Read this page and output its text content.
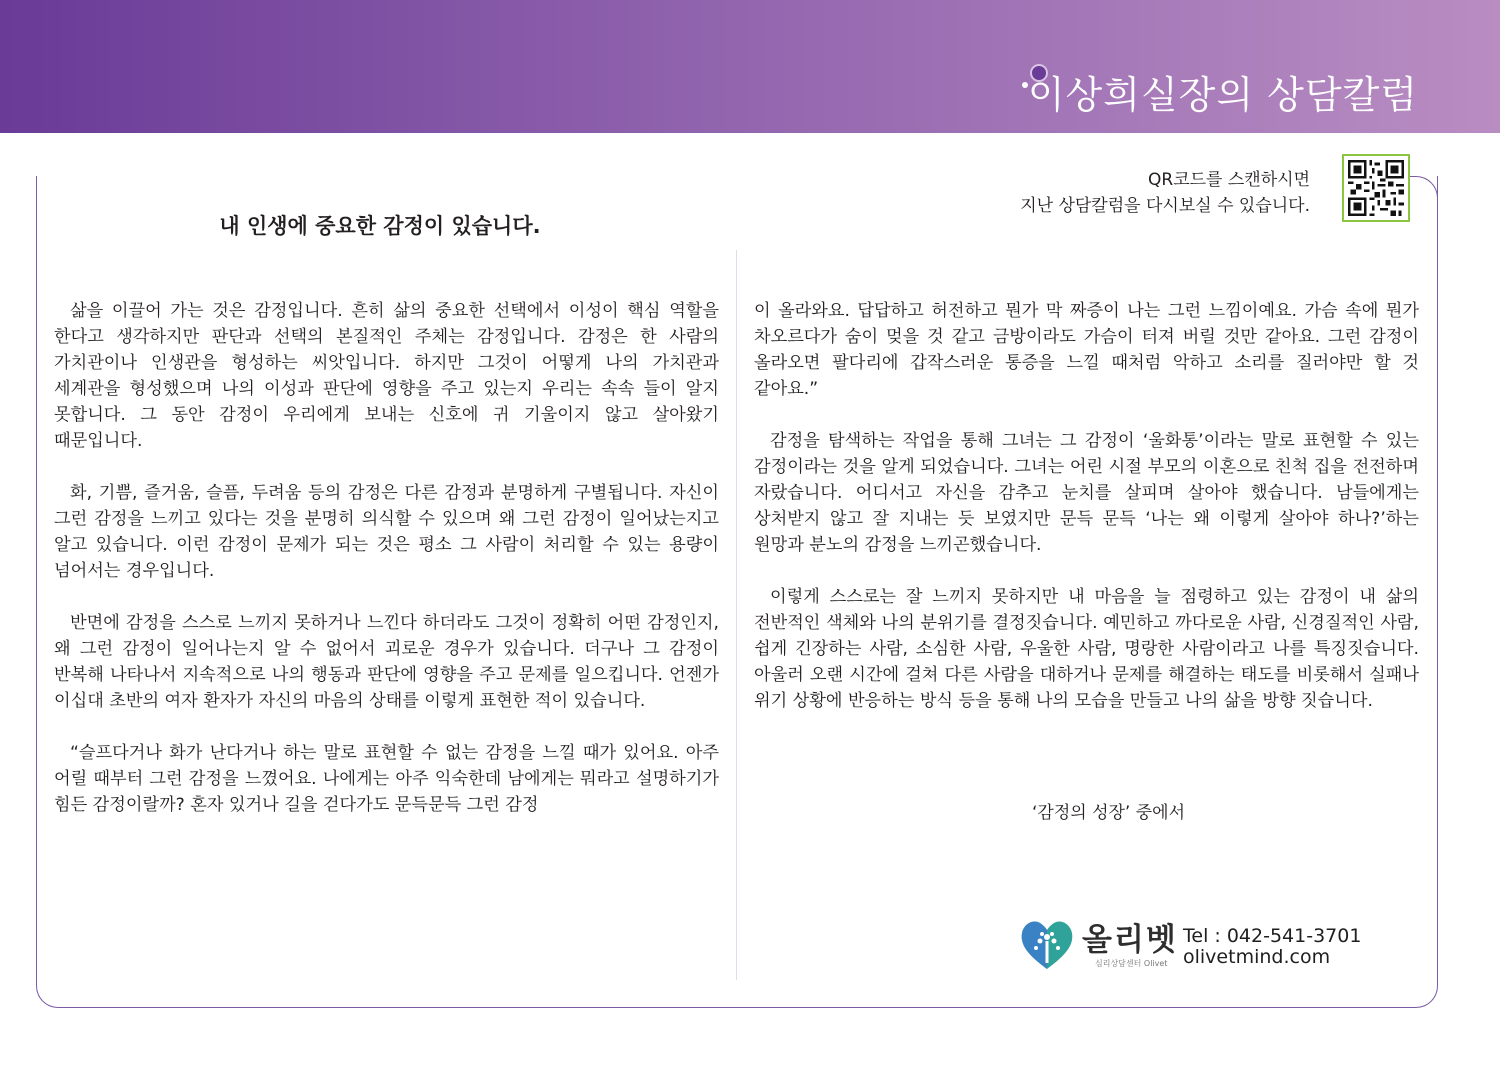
이상희실장의 상담칼럼
QR코드를 스캔하시면
지난 상담칼럼을 다시보실 수 있습니다.
내 인생에 중요한 감정이 있습니다.

삶을 이끌어 가는 것은 감정입니다. 흔히 삶의 중요한 선택에서 이성이 핵심 역할을 한다고 생각하지만 판단과 선택의 본질적인 주체는 감정입니다. 감정은 한 사람의 가치관이나 인생관을 형성하는 씨앗입니다. 하지만 그것이 어떻게 나의 가치관과 세계관을 형성했으며 나의 이성과 판단에 영향을 주고 있는지 우리는 속속 들이 알지 못합니다. 그 동안 감정이 우리에게 보내는 신호에 귀 기울이지 않고 살아왔기 때문입니다.

화, 기쁨, 즐거움, 슬픔, 두려움 등의 감정은 다른 감정과 분명하게 구별됩니다. 자신이 그런 감정을 느끼고 있다는 것을 분명히 의식할 수 있으며 왜 그런 감정이 일어났는지고 알고 있습니다. 이런 감정이 문제가 되는 것은 평소 그 사람이 처리할 수 있는 용량이 넘어서는 경우입니다.

반면에 감정을 스스로 느끼지 못하거나 느낀다 하더라도 그것이 정확히 어떤 감정인지, 왜 그런 감정이 일어나는지 알 수 없어서 괴로운 경우가 있습니다. 더구나 그 감정이 반복해 나타나서 지속적으로 나의 행동과 판단에 영향을 주고 문제를 일으킵니다. 언젠가 이십대 초반의 여자 환자가 자신의 마음의 상태를 이렇게 표현한 적이 있습니다.

“슬프다거나 화가 난다거나 하는 말로 표현할 수 없는 감정을 느낄 때가 있어요. 아주 어릴 때부터 그런 감정을 느꼈어요. 나에게는 아주 익숙한데 남에게는 뭐라고 설명하기가 힘든 감정이랄까? 혼자 있거나 길을 걷다가도 문득문득 그런 감정

이 올라와요. 답답하고 허전하고 뭔가 막 짜증이 나는 그런 느낌이예요. 가슴 속에 뭔가 차오르다가 숨이 멎을 것 같고 금방이라도 가슴이 터져 버릴 것만 같아요. 그런 감정이 올라오면 팔다리에 갑작스러운 통증을 느낄 때처럼 악하고 소리를 질러야만 할 것 같아요.”

감정을 탐색하는 작업을 통해 그녀는 그 감정이 ‘울화통’이라는 말로 표현할 수 있는 감정이라는 것을 알게 되었습니다. 그녀는 어린 시절 부모의 이혼으로 친척 집을 전전하며 자랐습니다. 어디서고 자신을 감추고 눈치를 살피며 살아야 했습니다. 남들에게는 상처받지 않고 잘 지내는 듯 보였지만 문득 문득 ‘나는 왜 이렇게 살아야 하나?’하는 원망과 분노의 감정을 느끼곤했습니다.

이렇게 스스로는 잘 느끼지 못하지만 내 마음을 늘 점령하고 있는 감정이 내 삶의 전반적인 색체와 나의 분위기를 결정짓습니다. 예민하고 까다로운 사람, 신경질적인 사람, 쉽게 긴장하는 사람, 소심한 사람, 우울한 사람, 명랑한 사람이라고 나를 특징짓습니다. 아울러 오랜 시간에 걸쳐 다른 사람을 대하거나 문제를 해결하는 태도를 비롯해서 실패나 위기 상황에 반응하는 방식 등을 통해 나의 모습을 만들고 나의 삶을 방향 짓습니다.

‘감정의 성장’ 중에서
올리벳
심리상담센터 Olivet
Tel : 042-541-3701
olivetmind.com
